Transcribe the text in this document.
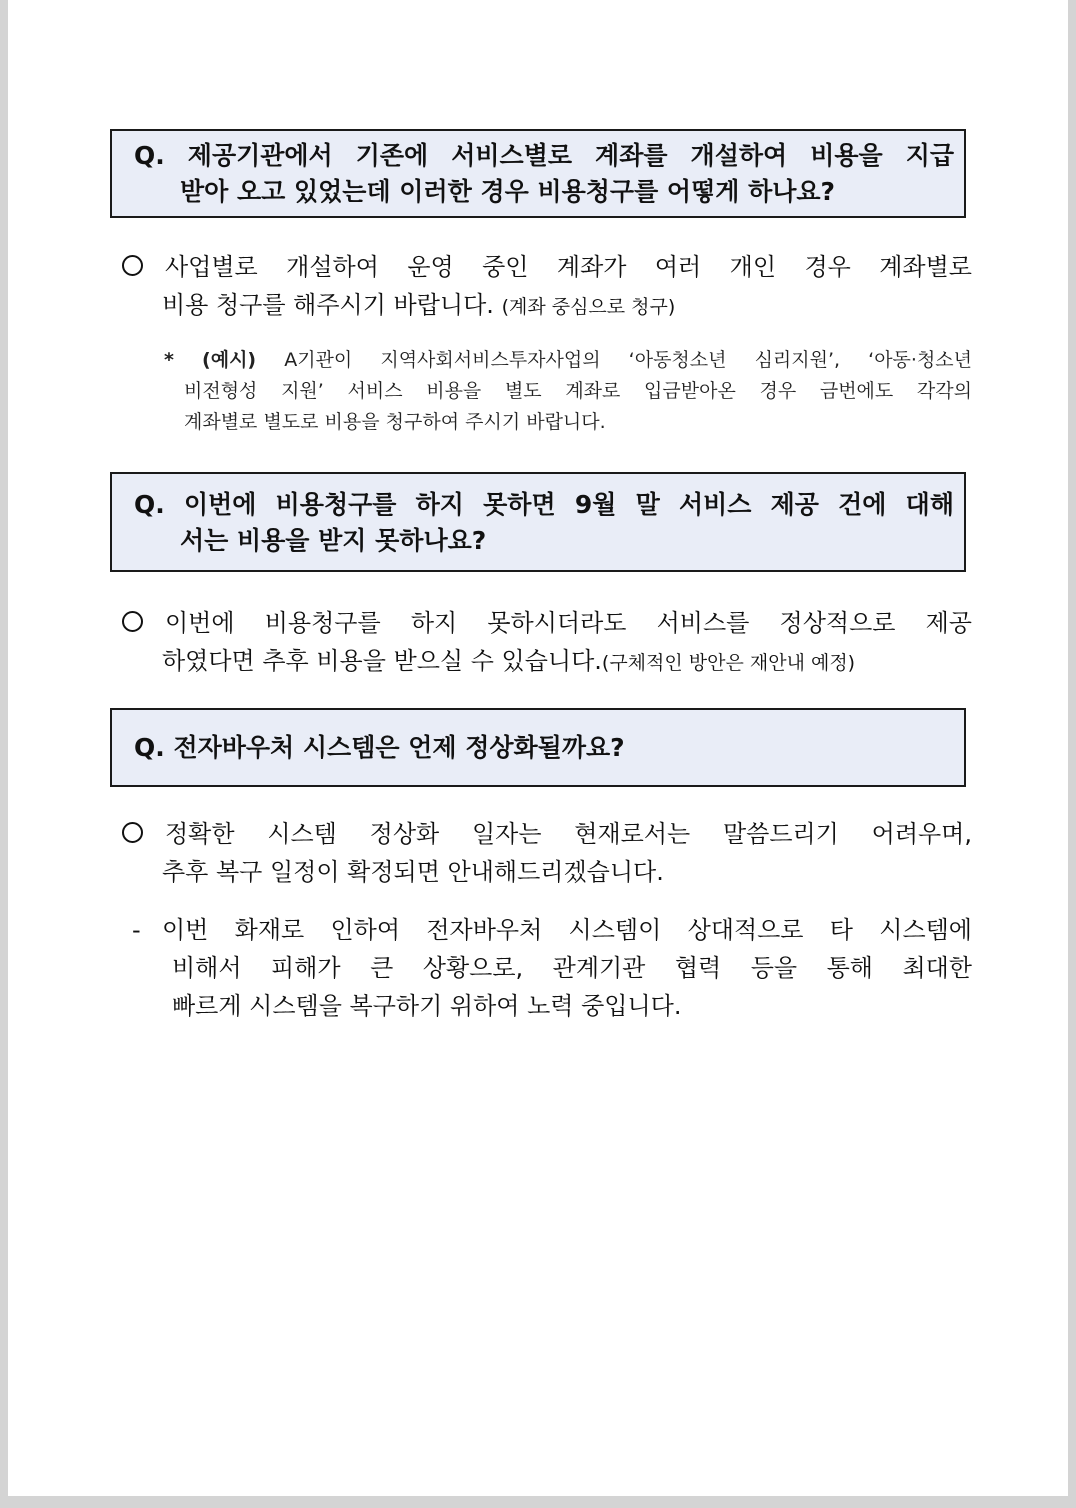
Q. 제공기관에서 기존에 서비스별로 계좌를 개설하여 비용을 지급
받아 오고 있었는데 이러한 경우 비용청구를 어떻게 하나요?
사업별로 개설하여 운영 중인 계좌가 여러 개인 경우 계좌별로
비용 청구를 해주시기 바랍니다. (계좌 중심으로 청구)
* (예시) A기관이 지역사회서비스투자사업의 ‘아동청소년 심리지원’, ‘아동·청소년
비전형성 지원’ 서비스 비용을 별도 계좌로 입금받아온 경우 금번에도 각각의
계좌별로 별도로 비용을 청구하여 주시기 바랍니다.
Q. 이번에 비용청구를 하지 못하면 9월 말 서비스 제공 건에 대해
서는 비용을 받지 못하나요?
이번에 비용청구를 하지 못하시더라도 서비스를 정상적으로 제공
하였다면 추후 비용을 받으실 수 있습니다.(구체적인 방안은 재안내 예정)
Q. 전자바우처 시스템은 언제 정상화될까요?
정확한 시스템 정상화 일자는 현재로서는 말씀드리기 어려우며,
추후 복구 일정이 확정되면 안내해드리겠습니다.
- 이번 화재로 인하여 전자바우처 시스템이 상대적으로 타 시스템에
비해서 피해가 큰 상황으로, 관계기관 협력 등을 통해 최대한
빠르게 시스템을 복구하기 위하여 노력 중입니다.
